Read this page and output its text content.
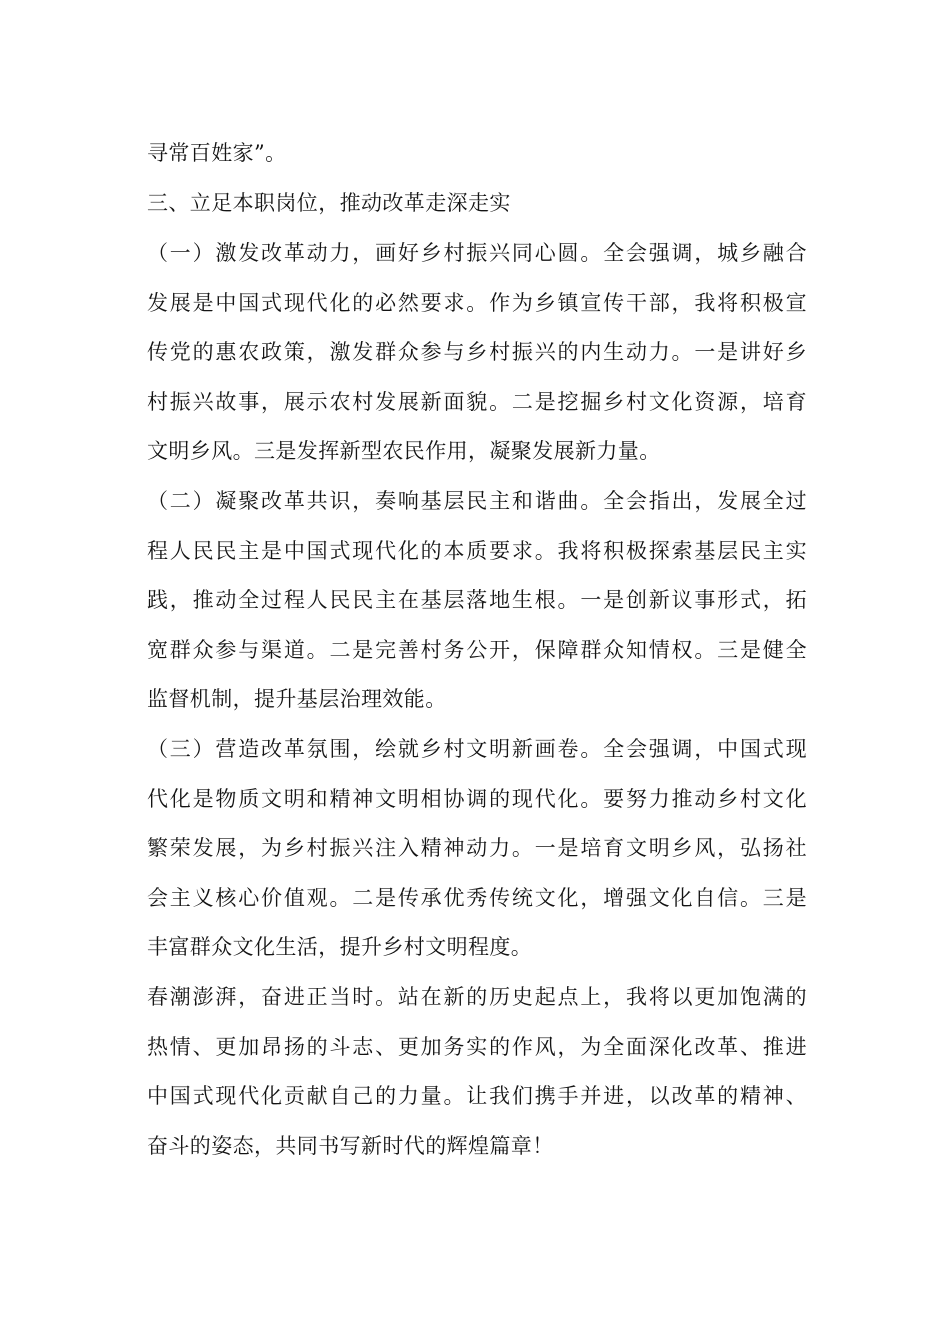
寻常百姓家”。
三、立足本职岗位，推动改革走深走实
（一）激发改革动力，画好乡村振兴同心圆。全会强调，城乡融合
发展是中国式现代化的必然要求。作为乡镇宣传干部，我将积极宣
传党的惠农政策，激发群众参与乡村振兴的内生动力。一是讲好乡
村振兴故事，展示农村发展新面貌。二是挖掘乡村文化资源，培育
文明乡风。三是发挥新型农民作用，凝聚发展新力量。
（二）凝聚改革共识，奏响基层民主和谐曲。全会指出，发展全过
程人民民主是中国式现代化的本质要求。我将积极探索基层民主实
践，推动全过程人民民主在基层落地生根。一是创新议事形式，拓
宽群众参与渠道。二是完善村务公开，保障群众知情权。三是健全
监督机制，提升基层治理效能。
（三）营造改革氛围，绘就乡村文明新画卷。全会强调，中国式现
代化是物质文明和精神文明相协调的现代化。要努力推动乡村文化
繁荣发展，为乡村振兴注入精神动力。一是培育文明乡风，弘扬社
会主义核心价值观。二是传承优秀传统文化，增强文化自信。三是
丰富群众文化生活，提升乡村文明程度。
春潮澎湃，奋进正当时。站在新的历史起点上，我将以更加饱满的
热情、更加昂扬的斗志、更加务实的作风，为全面深化改革、推进
中国式现代化贡献自己的力量。让我们携手并进，以改革的精神、
奋斗的姿态，共同书写新时代的辉煌篇章！
